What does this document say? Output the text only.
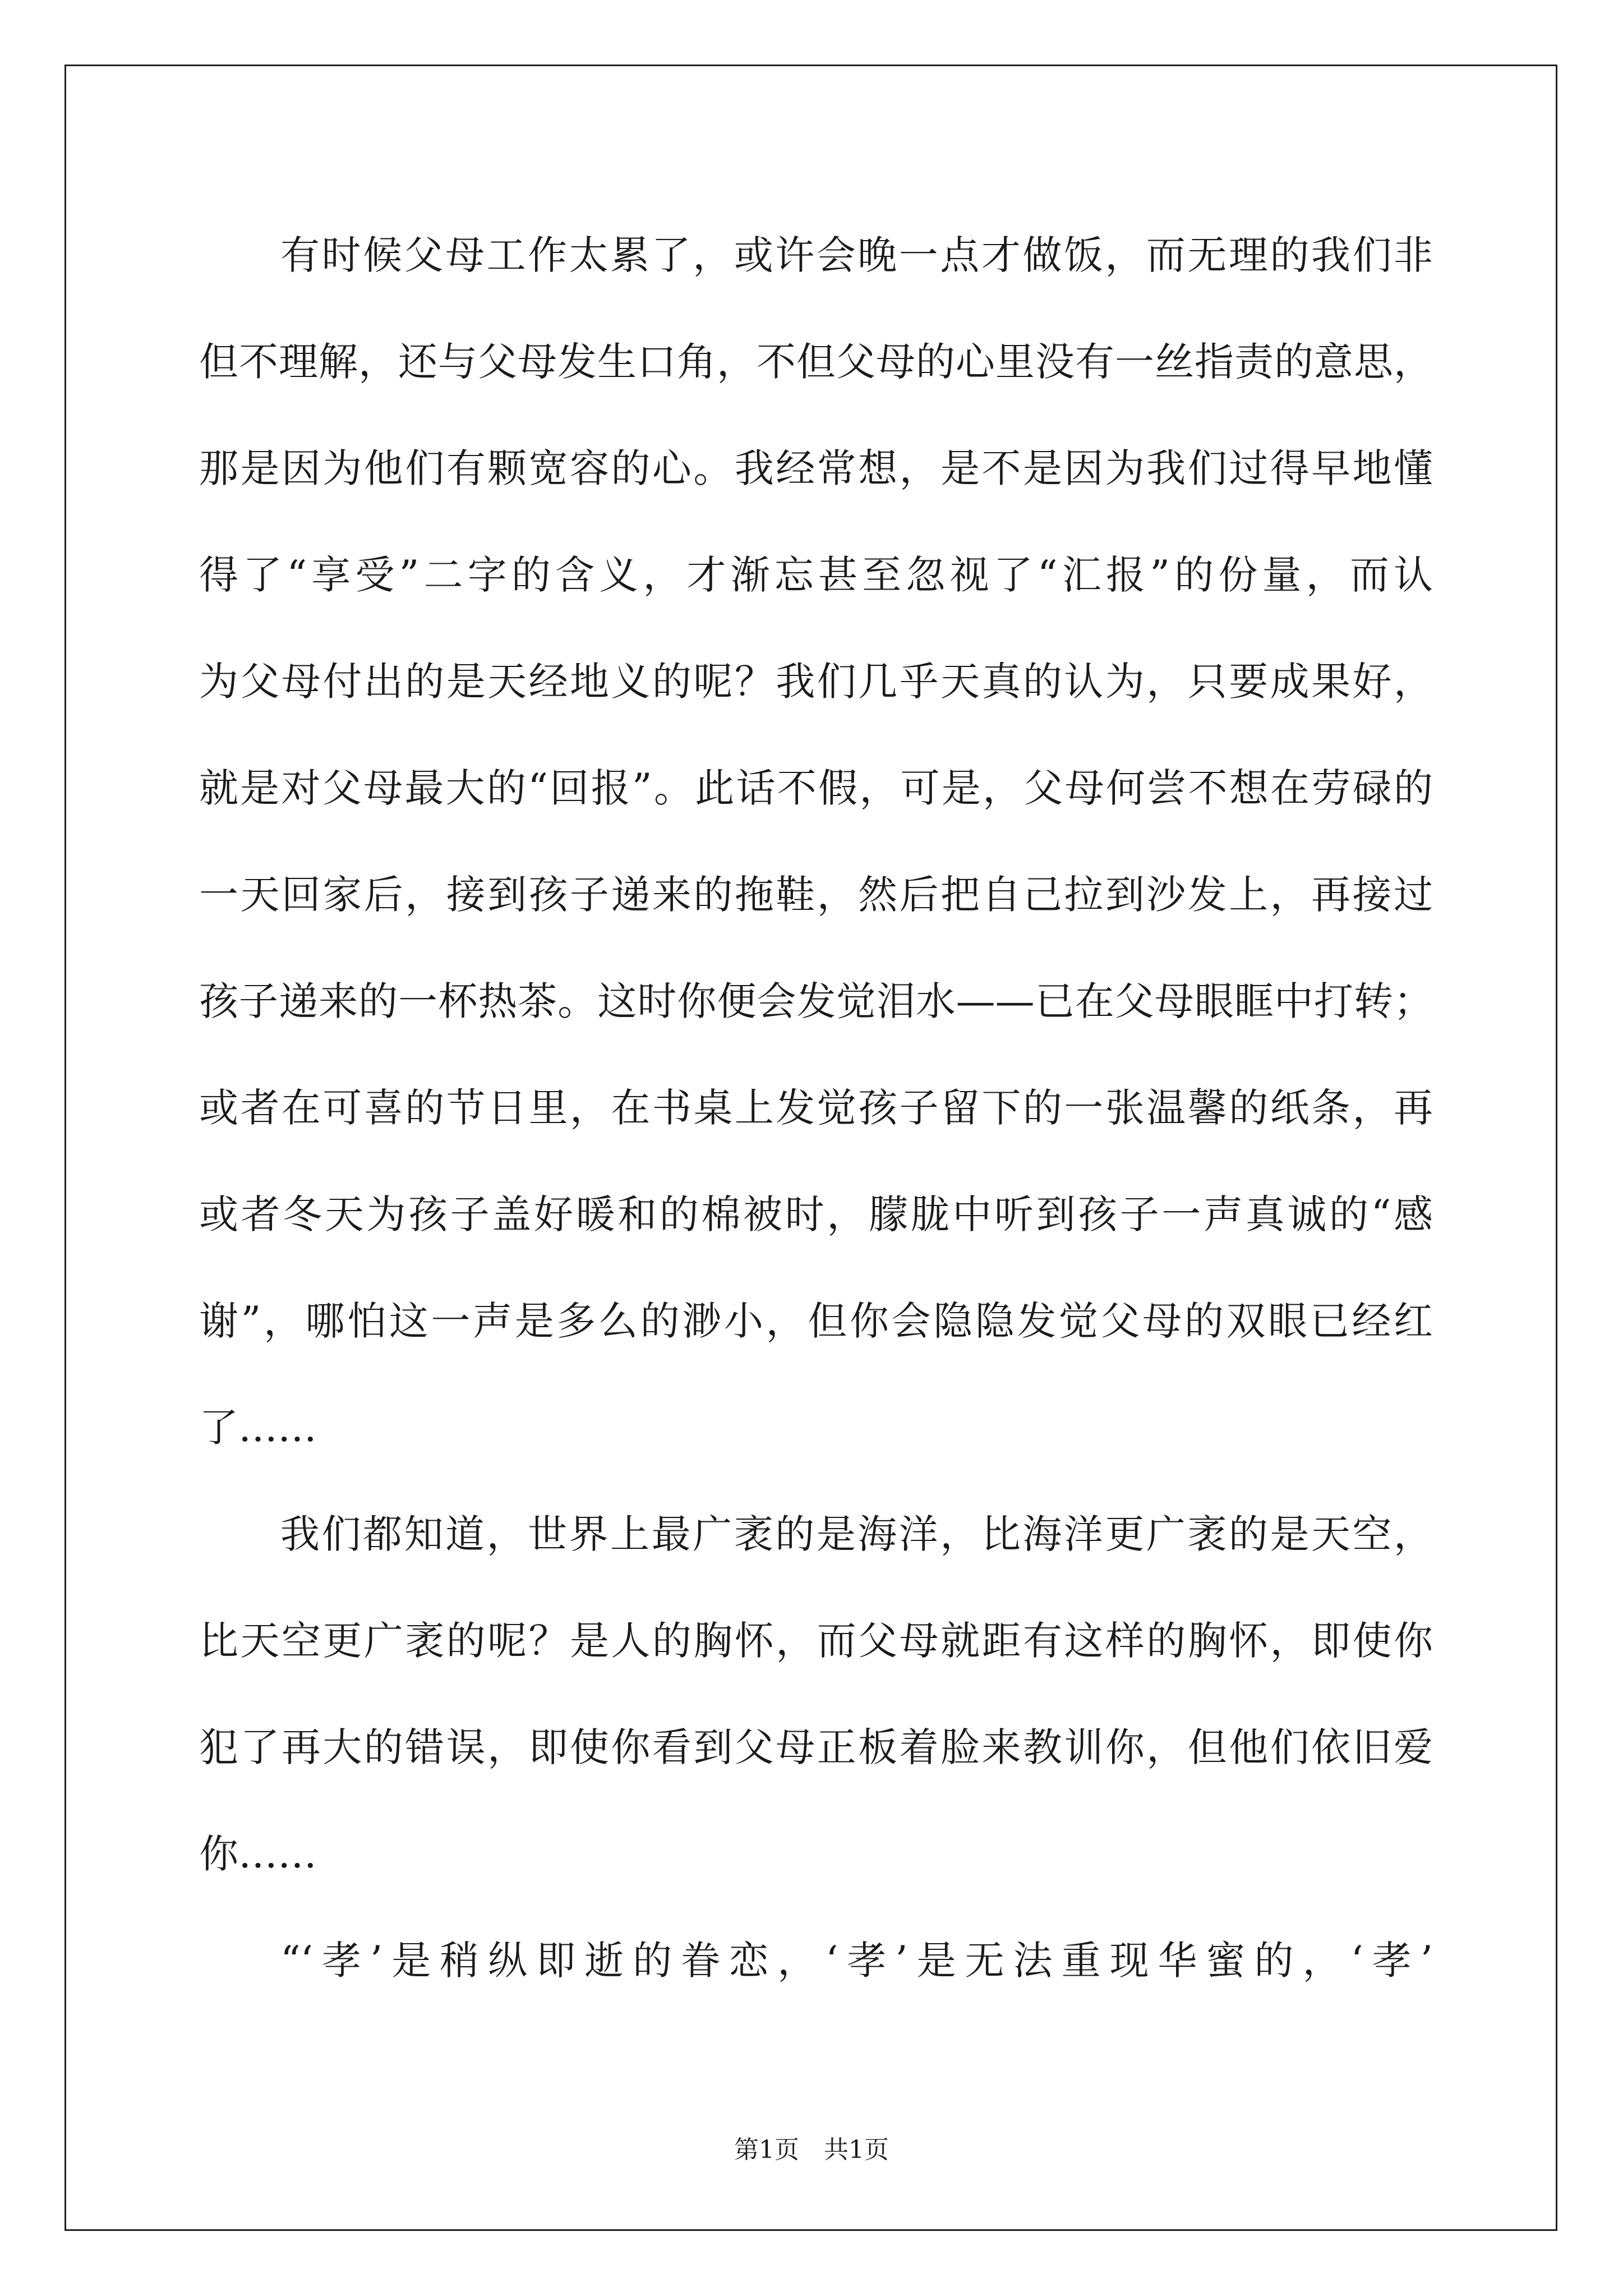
有时候父母工作太累了，或许会晚一点才做饭，而无理的我们非
但不理解，还与父母发生口角，不但父母的心里没有一丝指责的意思，
那是因为他们有颗宽容的心。我经常想，是不是因为我们过得早地懂
得了“享受”二字的含义，才渐忘甚至忽视了“汇报”的份量，而认
为父母付出的是天经地义的呢？我们几乎天真的认为，只要成果好，
就是对父母最大的“回报”。此话不假，可是，父母何尝不想在劳碌的
一天回家后，接到孩子递来的拖鞋，然后把自己拉到沙发上，再接过
孩子递来的一杯热茶。这时你便会发觉泪水——已在父母眼眶中打转；
或者在可喜的节日里，在书桌上发觉孩子留下的一张温馨的纸条，再
或者冬天为孩子盖好暖和的棉被时，朦胧中听到孩子一声真诚的“感
谢”，哪怕这一声是多么的渺小，但你会隐隐发觉父母的双眼已经红
了……
我们都知道，世界上最广袤的是海洋，比海洋更广袤的是天空，
比天空更广袤的呢？是人的胸怀，而父母就距有这样的胸怀，即使你
犯了再大的错误，即使你看到父母正板着脸来教训你，但他们依旧爱
你……
“‘孝’是稍纵即逝的眷恋，‘孝’是无法重现华蜜的，‘孝’
第1页　共1页
